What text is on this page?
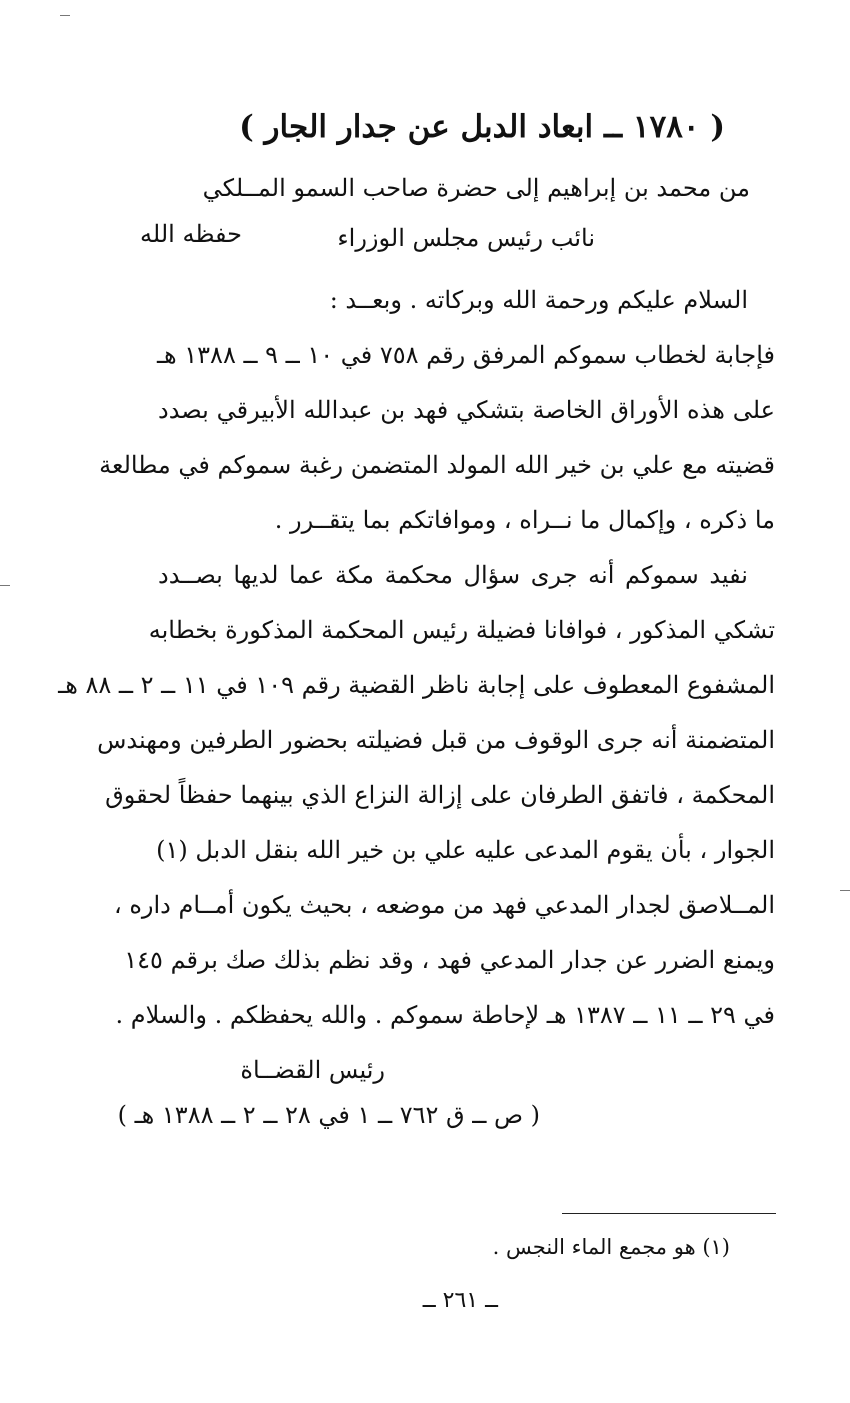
( ١٧٨٠ ــ ابعاد الدبل عن جدار الجار )
من محمد بن إبراهيم إلى حضرة صاحب السمو المــلكي
نائب رئيس مجلس الوزراء
حفظه الله
السلام عليكم ورحمة الله وبركاته . وبعــد :
فإجابة لخطاب سموكم المرفق رقم ٧٥٨ في ١٠ ــ ٩ ــ ١٣٨٨ هـ
على هذه الأوراق الخاصة بتشكي فهد بن عبدالله الأبيرقي بصدد
قضيته مع علي بن خير الله المولد المتضمن رغبة سموكم في مطالعة
ما ذكره ، وإكمال ما نــراه ، وموافاتكم بما يتقــرر .
نفيد سموكم أنه جرى سؤال محكمة مكة عما لديها بصــدد
تشكي المذكور ، فوافانا فضيلة رئيس المحكمة المذكورة بخطابه
المشفوع المعطوف على إجابة ناظر القضية رقم ١٠٩ في ١١ ــ ٢ ــ ٨٨ هـ
المتضمنة أنه جرى الوقوف من قبل فضيلته بحضور الطرفين ومهندس
المحكمة ، فاتفق الطرفان على إزالة النزاع الذي بينهما حفظاً لحقوق
الجوار ، بأن يقوم المدعى عليه علي بن خير الله بنقل الدبل (١)
المــلاصق لجدار المدعي فهد من موضعه ، بحيث يكون أمــام داره ،
ويمنع الضرر عن جدار المدعي فهد ، وقد نظم بذلك صك برقم ١٤٥
في ٢٩ ــ ١١ ــ ١٣٨٧ هـ لإحاطة سموكم . والله يحفظكم . والسلام .
رئيس القضــاة
( ص ــ ق ٧٦٢ ــ ١ في ٢٨ ــ ٢ ــ ١٣٨٨ هـ )
(١) هو مجمع الماء النجس .
ــ ٢٦١ ــ
